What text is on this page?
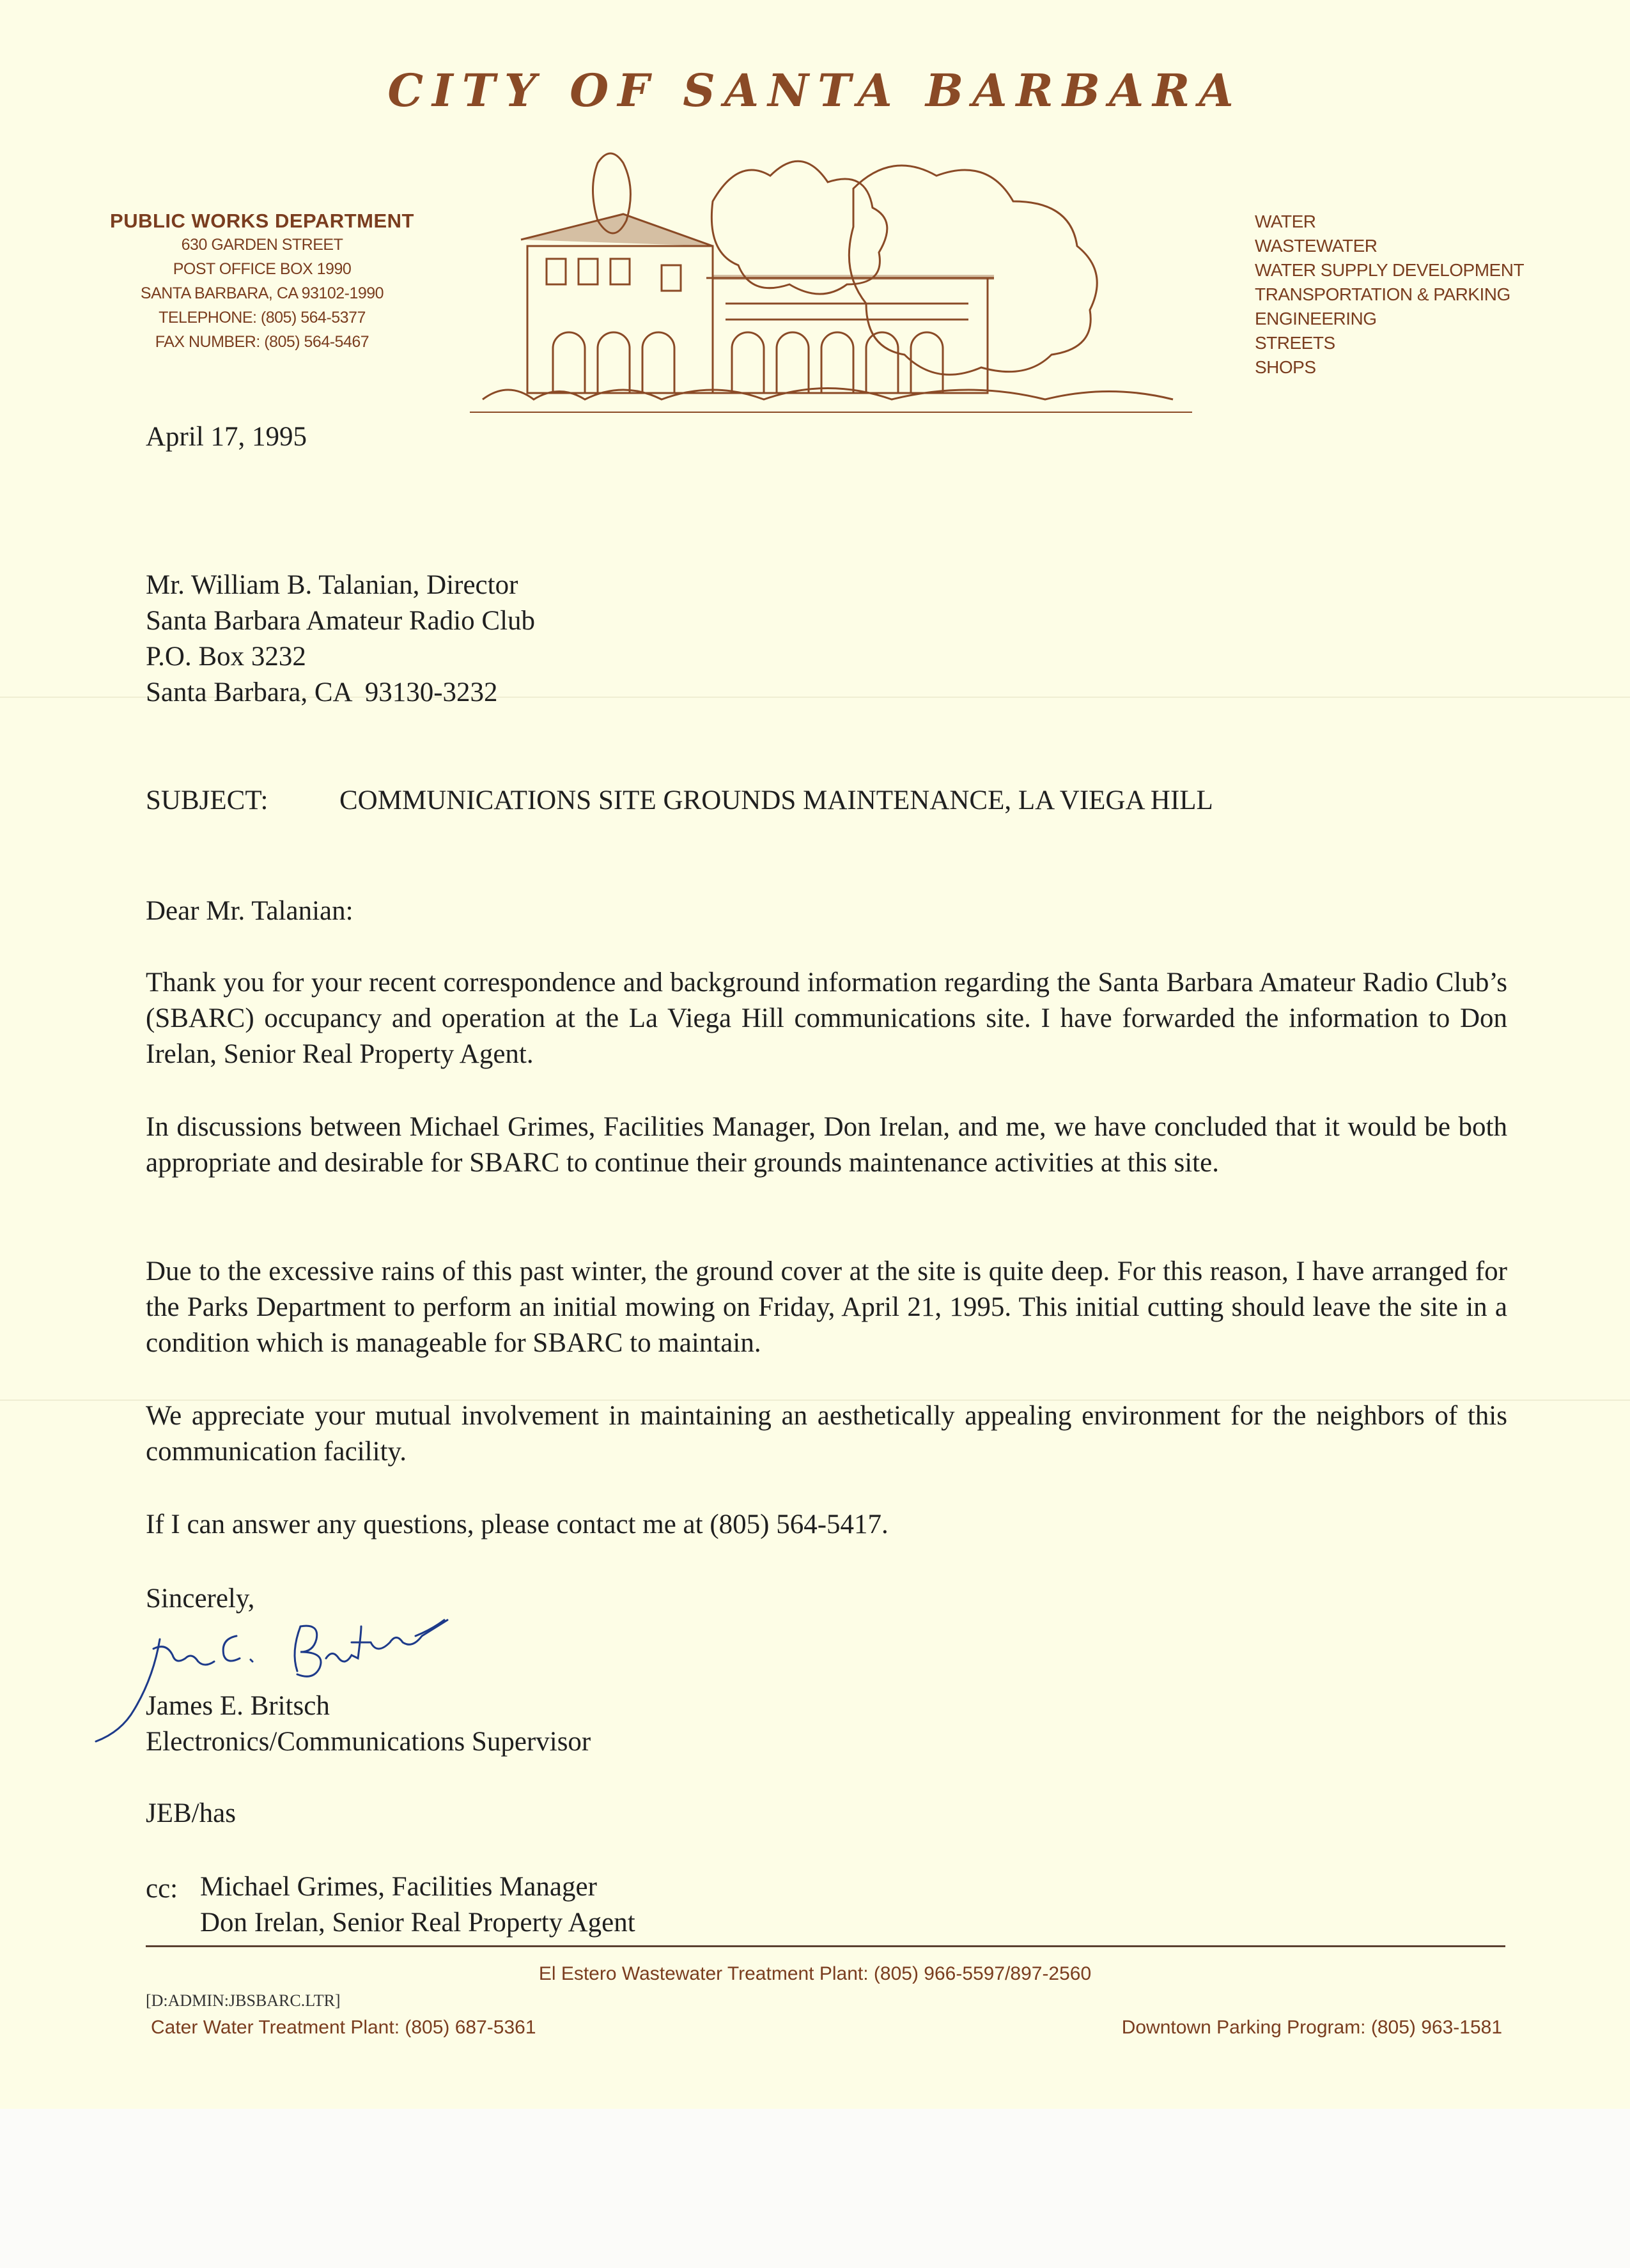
CITY OF SANTA BARBARA
PUBLIC WORKS DEPARTMENT
630 GARDEN STREET
POST OFFICE BOX 1990
SANTA BARBARA, CA 93102-1990
TELEPHONE: (805) 564-5377
FAX NUMBER: (805) 564-5467
WATER
WASTEWATER
WATER SUPPLY DEVELOPMENT
TRANSPORTATION & PARKING
ENGINEERING
STREETS
SHOPS
April 17, 1995
Mr. William B. Talanian, Director
Santa Barbara Amateur Radio Club
P.O. Box 3232
Santa Barbara, CA  93130-3232
SUBJECT:	COMMUNICATIONS SITE GROUNDS MAINTENANCE, LA VIEGA HILL
Dear Mr. Talanian:
Thank you for your recent correspondence and background information regarding the Santa Barbara Amateur Radio Club’s (SBARC) occupancy and operation at the La Viega Hill communications site. I have forwarded the information to Don Irelan, Senior Real Property Agent.
In discussions between Michael Grimes, Facilities Manager, Don Irelan, and me, we have concluded that it would be both appropriate and desirable for SBARC to continue their grounds maintenance activities at this site.
Due to the excessive rains of this past winter, the ground cover at the site is quite deep. For this reason, I have arranged for the Parks Department to perform an initial mowing on Friday, April 21, 1995. This initial cutting should leave the site in a condition which is manageable for SBARC to maintain.
We appreciate your mutual involvement in maintaining an aesthetically appealing environment for the neighbors of this communication facility.
If I can answer any questions, please contact me at (805) 564-5417.
Sincerely,
James E. Britsch
Electronics/Communications Supervisor
JEB/has
cc: Michael Grimes, Facilities Manager
Don Irelan, Senior Real Property Agent
El Estero Wastewater Treatment Plant: (805) 966-5597/897-2560
[D:ADMIN:JBSBARC.LTR]
Cater Water Treatment Plant: (805) 687-5361	Downtown Parking Program: (805) 963-1581
